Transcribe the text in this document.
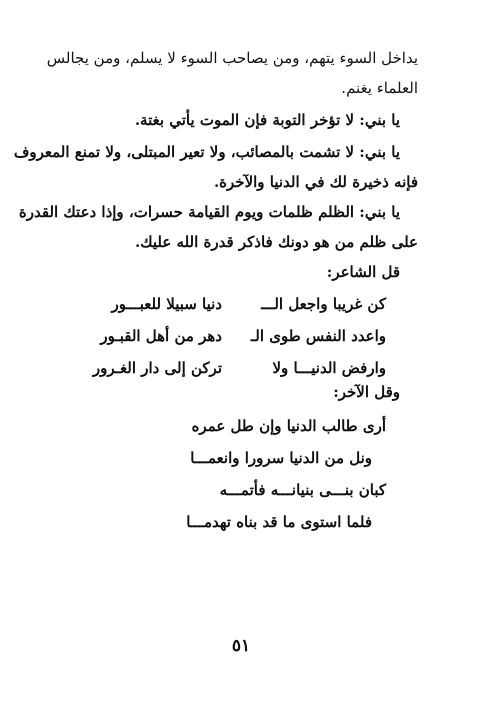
يداخل السوء يتهم، ومن يصاحب السوء لا يسلم، ومن يجالس
العلماء يغنم.
يا بني: لا تؤخر التوبة فإن الموت يأتي بغتة.
يا بني: لا تشمت بالمصائب، ولا تعير المبتلى، ولا تمنع المعروف
فإنه ذخيرة لك في الدنيا والآخرة.
يا بني: الظلم ظلمات ويوم القيامة حسرات، وإذا دعتك القدرة
على ظلم من هو دونك فاذكر قدرة الله عليك.
قل الشاعر:
كن غريبا واجعل الـــ
دنيا سبيلا للعبـــور
واعدد النفس طوى الـ
دهر من أهل القبـور
وارفض الدنيـــا ولا
تركن إلى دار الغـرور
وقل الآخر:
أرى طالب الدنيا وإن طل عمره
ونل من الدنيا سرورا وانعمـــا
كبان بنـــى بنيانـــه فأتمـــه
فلما استوى ما قد بناه تهدمـــا
٥١
